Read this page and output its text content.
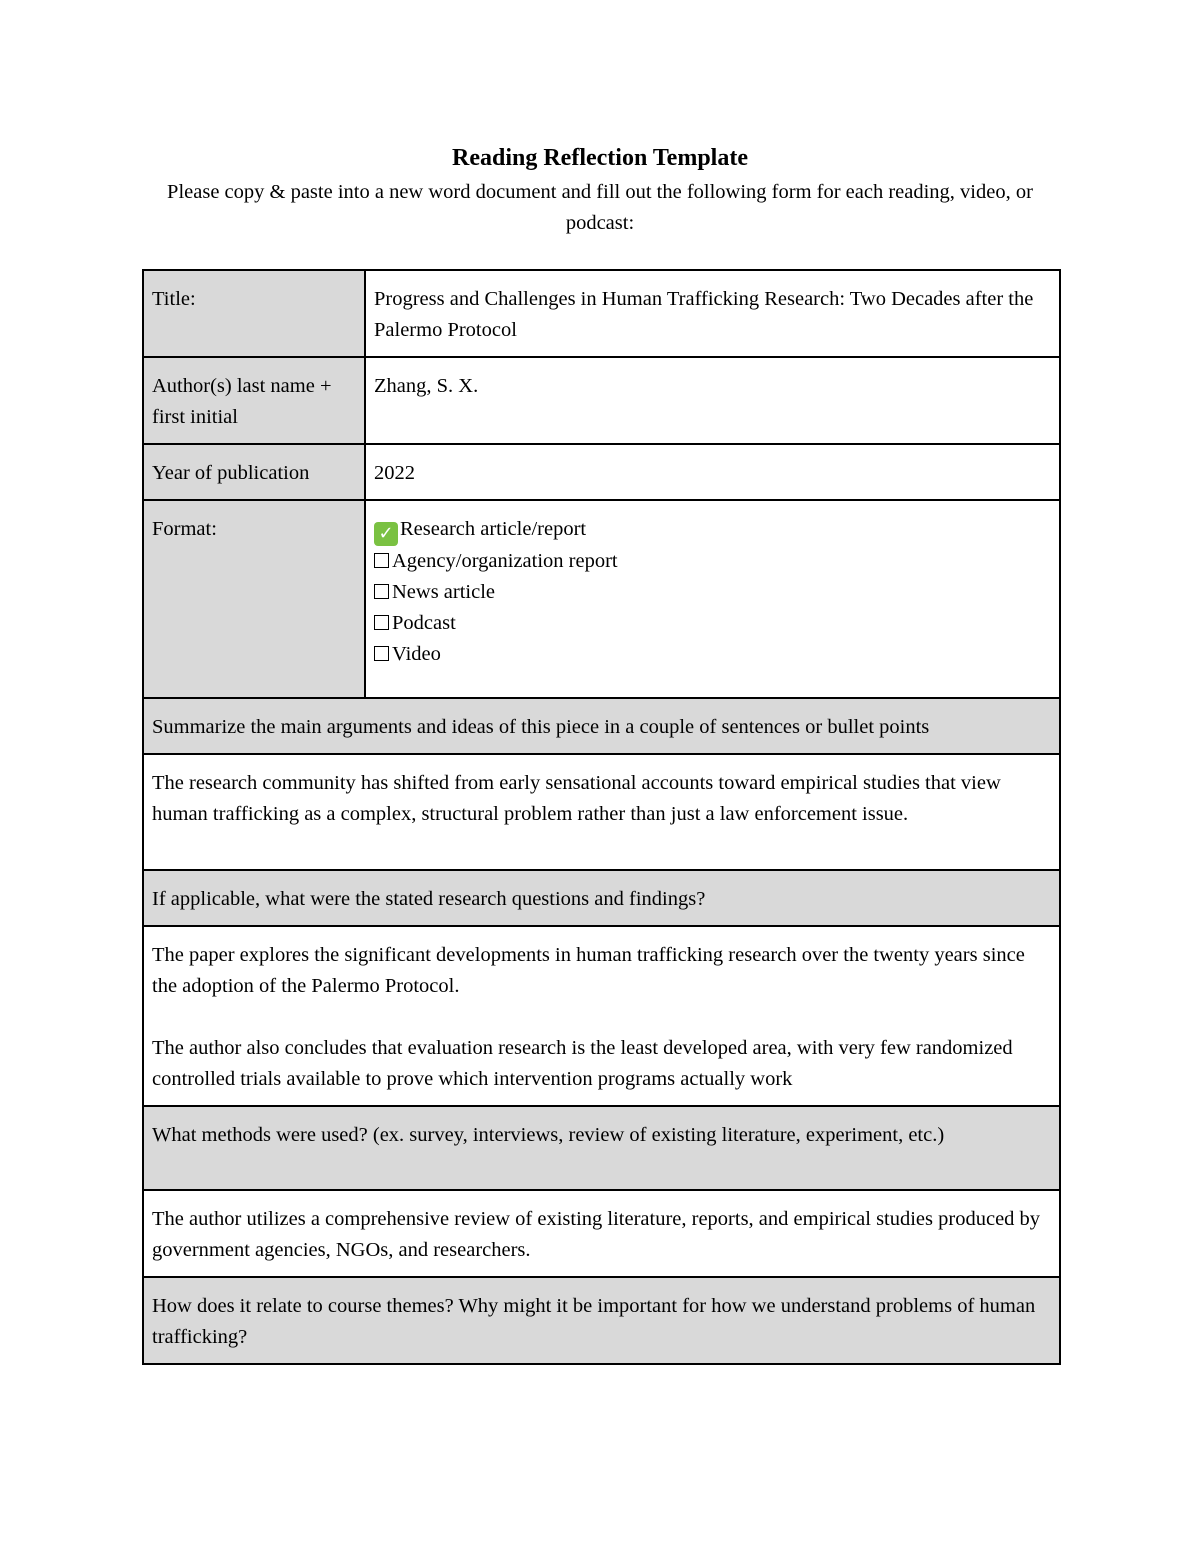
Reading Reflection Template
Please copy & paste into a new word document and fill out the following form for each reading, video, or podcast:
Title:	Progress and Challenges in Human Trafficking Research: Two Decades after the Palermo Protocol
Author(s) last name + first initial	Zhang, S. X.
Year of publication	2022
Format:	✓ Research article/report
Agency/organization report
News article
Podcast
Video

Summarize the main arguments and ideas of this piece in a couple of sentences or bullet points	
The research community has shifted from early sensational accounts toward empirical studies that view human trafficking as a complex, structural problem rather than just a law enforcement issue.	
If applicable, what were the stated research questions and findings?	

The paper explores the significant developments in human trafficking research over the twenty years since the adoption of the Palermo Protocol.
The author also concludes that evaluation research is the least developed area, with very few randomized controlled trials available to prove which intervention programs actually work	

What methods were used? (ex. survey, interviews, review of existing literature, experiment, etc.)	
The author utilizes a comprehensive review of existing literature, reports, and empirical studies produced by government agencies, NGOs, and researchers.	
How does it relate to course themes? Why might it be important for how we understand problems of human trafficking?	
